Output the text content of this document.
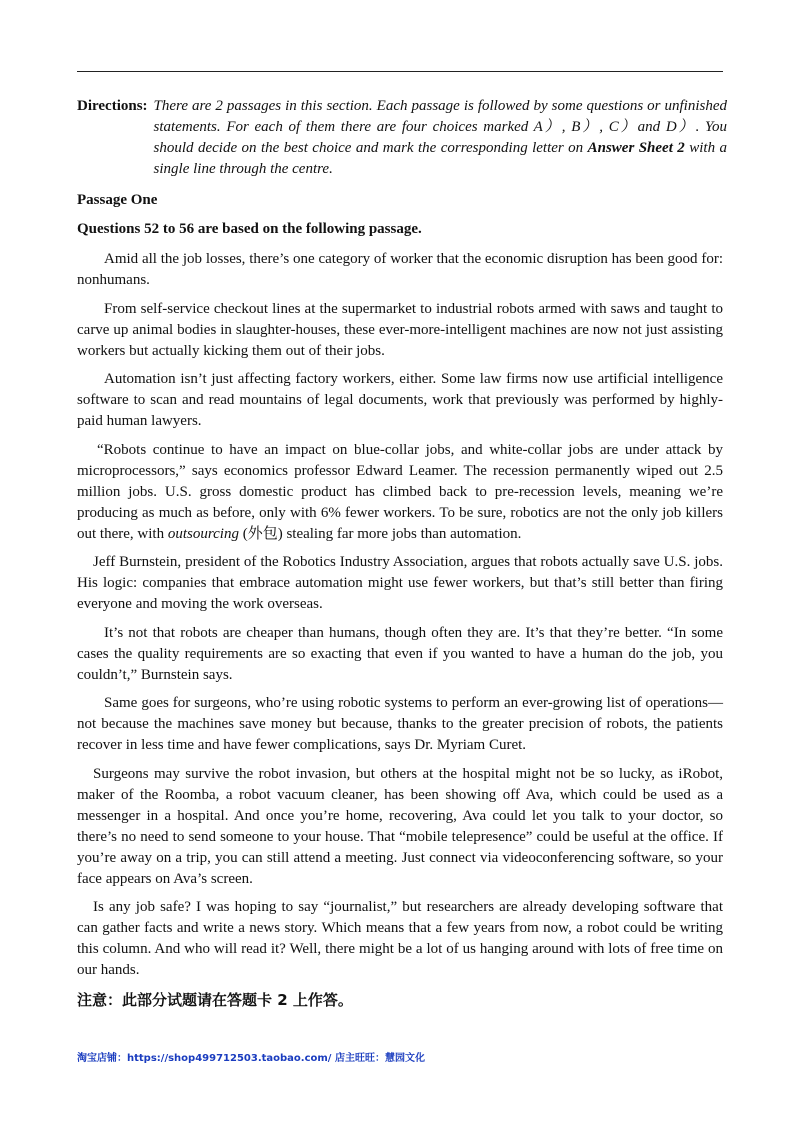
Directions: There are 2 passages in this section. Each passage is followed by some questions or unfinished statements. For each of them there are four choices marked A）, B）, C）and D）. You should decide on the best choice and mark the corresponding letter on Answer Sheet 2 with a single line through the centre.
Passage One
Questions 52 to 56 are based on the following passage.

Amid all the job losses, there’s one category of worker that the economic disruption has been good for: nonhumans.

From self-service checkout lines at the supermarket to industrial robots armed with saws and taught to carve up animal bodies in slaughter-houses, these ever-more-intelligent machines are now not just assisting workers but actually kicking them out of their jobs.

Automation isn’t just affecting factory workers, either. Some law firms now use artificial intelligence software to scan and read mountains of legal documents, work that previously was performed by highly-paid human lawyers.

“Robots continue to have an impact on blue-collar jobs, and white-collar jobs are under attack by microprocessors,” says economics professor Edward Leamer. The recession permanently wiped out 2.5 million jobs. U.S. gross domestic product has climbed back to pre-recession levels, meaning we’re producing as much as before, only with 6% fewer workers. To be sure, robotics are not the only job killers out there, with outsourcing (外包) stealing far more jobs than automation.

Jeff Burnstein, president of the Robotics Industry Association, argues that robots actually save U.S. jobs. His logic: companies that embrace automation might use fewer workers, but that’s still better than firing everyone and moving the work overseas.

It’s not that robots are cheaper than humans, though often they are. It’s that they’re better. “In some cases the quality requirements are so exacting that even if you wanted to have a human do the job, you couldn’t,” Burnstein says.

Same goes for surgeons, who’re using robotic systems to perform an ever-growing list of operations—not because the machines save money but because, thanks to the greater precision of robots, the patients recover in less time and have fewer complications, says Dr. Myriam Curet.

Surgeons may survive the robot invasion, but others at the hospital might not be so lucky, as iRobot, maker of the Roomba, a robot vacuum cleaner, has been showing off Ava, which could be used as a messenger in a hospital. And once you’re home, recovering, Ava could let you talk to your doctor, so there’s no need to send someone to your house. That “mobile telepresence” could be useful at the office. If you’re away on a trip, you can still attend a meeting. Just connect via videoconferencing software, so your face appears on Ava’s screen.

Is any job safe? I was hoping to say “journalist,” but researchers are already developing software that can gather facts and write a news story. Which means that a few years from now, a robot could be writing this column. And who will read it? Well, there might be a lot of us hanging around with lots of free time on our hands.

注意：此部分试题请在答题卡 2 上作答。
淘宝店铺：https://shop499712503.taobao.com/ 店主旺旺：慧园文化
